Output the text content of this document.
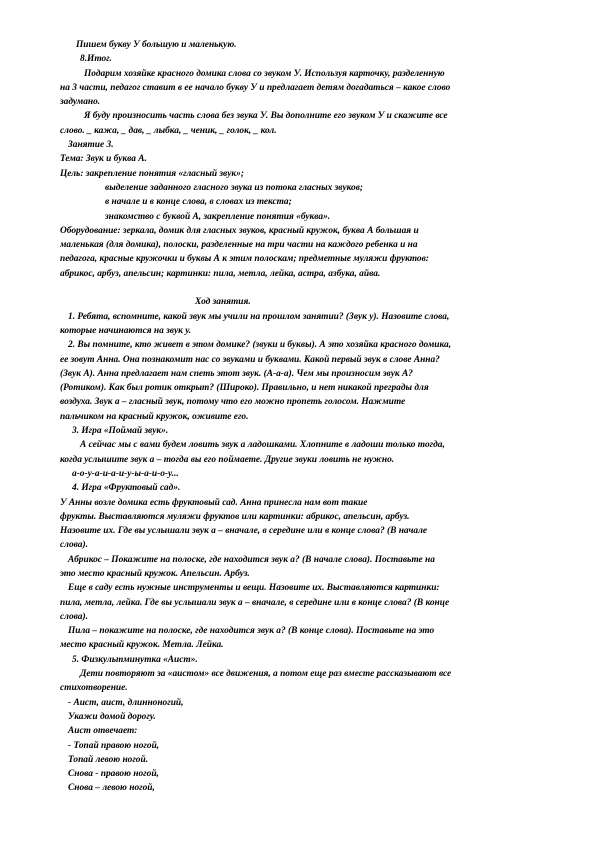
Пишем букву У большую и маленькую.
8.Итог.
Подарим хозяйке красного домика слова со звуком У. Используя карточку, разделенную
на 3 части, педагог ставит в ее начало букву У и предлагает детям догадаться – какое слово
задумано.
Я буду произносить часть слова без звука У. Вы дополните его звуком У и скажите все
слово. _ кажа, _ дав, _ лыбка, _ ченик, _ голок, _ кол.
Занятие 3.
Тема: Звук и буква А.
Цель: закрепление понятия «гласный звук»;
выделение заданного гласного звука из потока гласных звуков;
в начале и в конце слова, в словах из текста;
знакомство с буквой А, закрепление понятия «буква».
Оборудование: зеркала, домик для гласных звуков, красный кружок, буква А большая и
маленькая (для домика), полоски, разделенные на три части на каждого ребенка и на
педагога, красные кружочки и буквы А к этим полоскам; предметные муляжи фруктов:
абрикос, арбуз, апельсин; картинки: пила, метла, лейка, астра, азбука, айва.
Ход занятия.
1. Ребята, вспомните, какой звук мы учили на прошлом занятии? (Звук у). Назовите слова,
которые начинаются на звук у.
2. Вы помните, кто живет в этом домике? (звуки и буквы). А это хозяйка красного домика,
ее зовут Анна. Она познакомит нас со звуками и буквами. Какой первый звук в слове Анна?
(Звук А). Анна предлагает нам спеть этот звук. (А-а-а). Чем мы произносим звук А?
(Ротиком). Как был ротик открыт? (Широко). Правильно, и нет никакой преграды для
воздуха. Звук а – гласный звук, потому что его можно пропеть голосом. Нажмите
пальчиком на красный кружок, оживите его.
3. Игра «Поймай звук».
А сейчас мы с вами будем ловить звук а ладошками. Хлопните в ладоши только тогда,
когда услышите звук а – тогда вы его поймаете. Другие звуки ловить не нужно.
а-о-у-а-и-а-и-у-ы-а-и-о-у...
4. Игра «Фруктовый сад».
У Анны возле домика есть фруктовый сад. Анна принесла нам вот такие
фрукты. Выставляются муляжи фруктов или картинки: абрикос, апельсин, арбуз.
Назовите их. Где вы услышали звук а – вначале, в середине или в конце слова? (В начале
слова).
Абрикос – Покажите на полоске, где находится звук а? (В начале слова). Поставьте на
это место красный кружок. Апельсин. Арбуз.
Еще в саду есть нужные инструменты и вещи. Назовите их. Выставляются картинки:
пила, метла, лейка. Где вы услышали звук а – вначале, в середине или в конце слова? (В конце
слова).
Пила – покажите на полоске, где находится звук а? (В конце слова). Поставьте на это
место красный кружок. Метла. Лейка.
5. Физкультминутка «Аист».
Дети повторяют за «аистом» все движения, а потом еще раз вместе рассказывают все
стихотворение.
- Аист, аист, длинноногий,
Укажи домой дорогу.
Аист отвечает:
- Топай правою ногой,
Топай левою ногой.
Снова - правою ногой,
Снова – левою ногой,
